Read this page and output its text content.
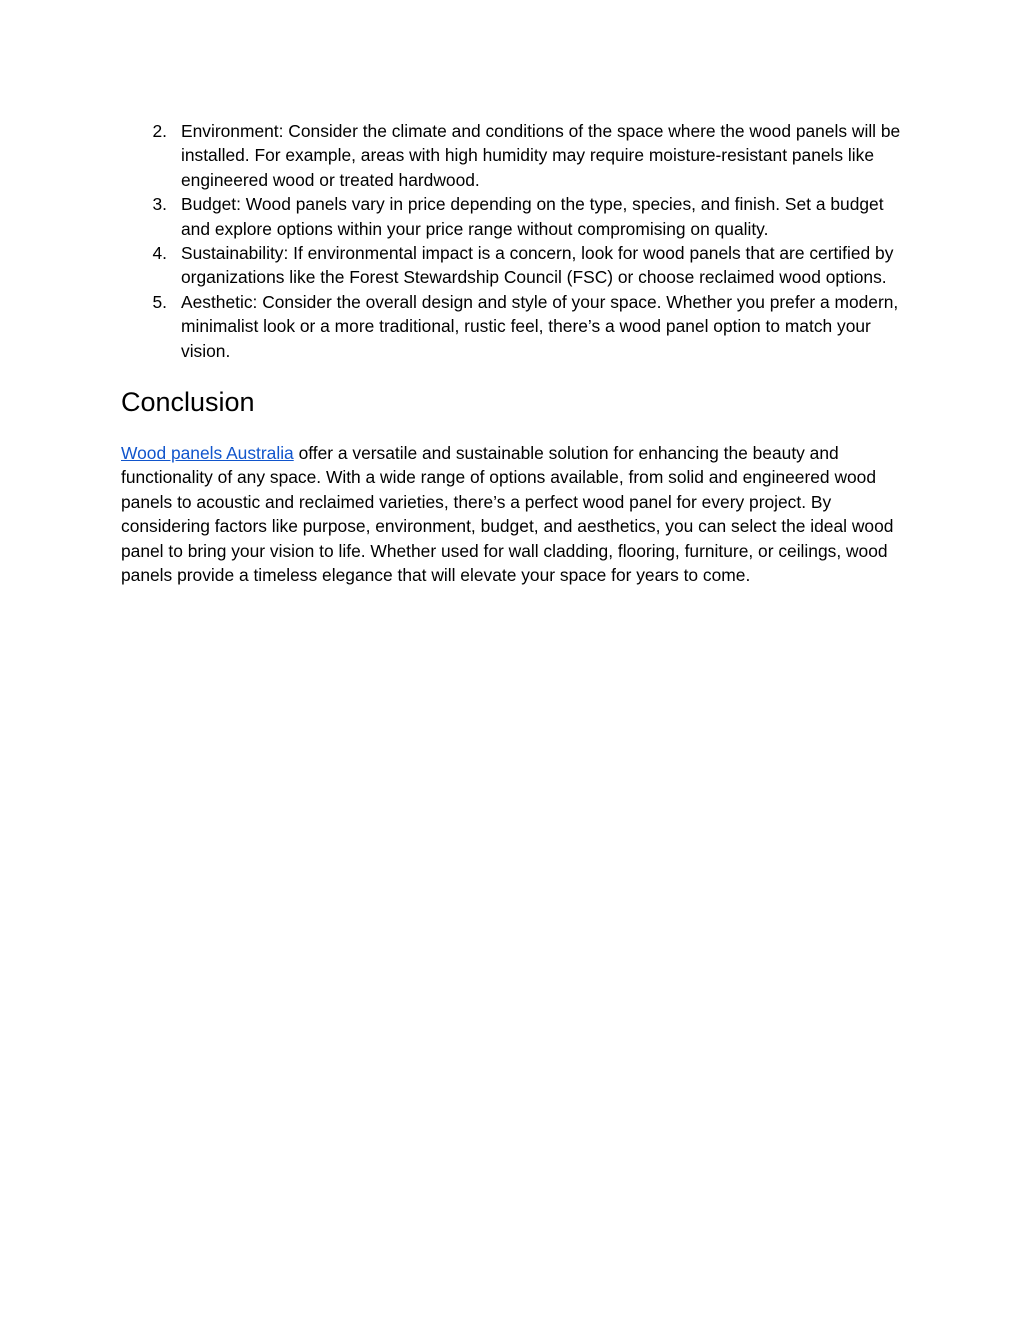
2. Environment: Consider the climate and conditions of the space where the wood panels will be installed. For example, areas with high humidity may require moisture-resistant panels like engineered wood or treated hardwood.
3. Budget: Wood panels vary in price depending on the type, species, and finish. Set a budget and explore options within your price range without compromising on quality.
4. Sustainability: If environmental impact is a concern, look for wood panels that are certified by organizations like the Forest Stewardship Council (FSC) or choose reclaimed wood options.
5. Aesthetic: Consider the overall design and style of your space. Whether you prefer a modern, minimalist look or a more traditional, rustic feel, there’s a wood panel option to match your vision.
Conclusion

Wood panels Australia offer a versatile and sustainable solution for enhancing the beauty and functionality of any space. With a wide range of options available, from solid and engineered wood panels to acoustic and reclaimed varieties, there’s a perfect wood panel for every project. By considering factors like purpose, environment, budget, and aesthetics, you can select the ideal wood panel to bring your vision to life. Whether used for wall cladding, flooring, furniture, or ceilings, wood panels provide a timeless elegance that will elevate your space for years to come.
